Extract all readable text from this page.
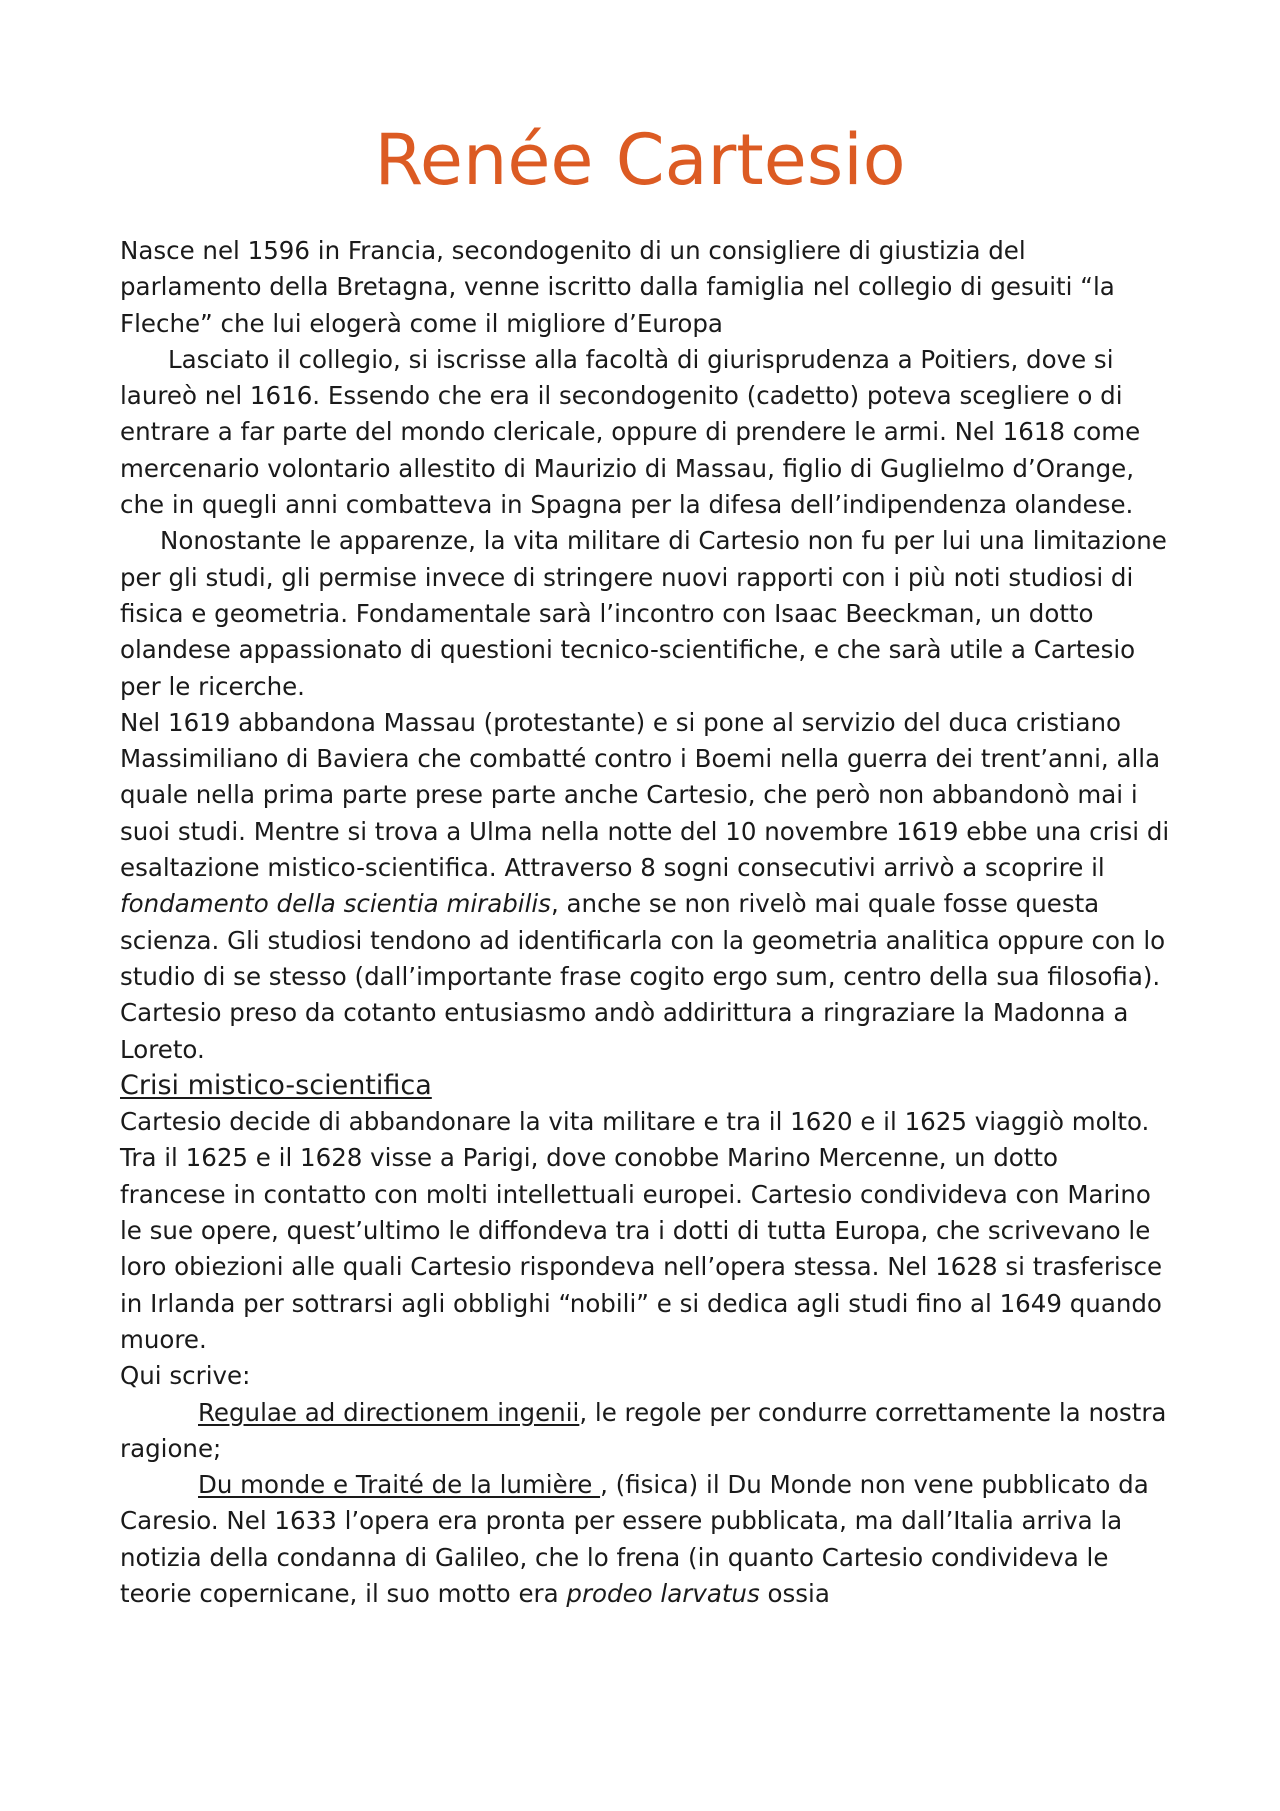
Renée Cartesio

Nasce nel 1596 in Francia, secondogenito di un consigliere di giustizia del parlamento della Bretagna, venne iscritto dalla famiglia nel collegio di gesuiti “la Fleche” che lui elogerà come il migliore d’Europa

Lasciato il collegio, si iscrisse alla facoltà di giurisprudenza a Poitiers, dove si laureò nel 1616. Essendo che era il secondogenito (cadetto) poteva scegliere o di entrare a far parte del mondo clericale, oppure di prendere le armi. Nel 1618 come mercenario volontario allestito di Maurizio di Massau, figlio di Guglielmo d’Orange, che in quegli anni combatteva in Spagna per la difesa dell’indipendenza olandese.

Nonostante le apparenze, la vita militare di Cartesio non fu per lui una limitazione per gli studi, gli permise invece di stringere nuovi rapporti con i più noti studiosi di fisica e geometria. Fondamentale sarà l’incontro con Isaac Beeckman, un dotto olandese appassionato di questioni tecnico-scientifiche, e che sarà utile a Cartesio per le ricerche.

Nel 1619 abbandona Massau (protestante) e si pone al servizio del duca cristiano Massimiliano di Baviera che combatté contro i Boemi nella guerra dei trent’anni, alla quale nella prima parte prese parte anche Cartesio, che però non abbandonò mai i suoi studi. Mentre si trova a Ulma nella notte del 10 novembre 1619 ebbe una crisi di esaltazione mistico-scientifica. Attraverso 8 sogni consecutivi arrivò a scoprire il fondamento della scientia mirabilis, anche se non rivelò mai quale fosse questa scienza. Gli studiosi tendono ad identificarla con la geometria analitica oppure con lo studio di se stesso (dall’importante frase cogito ergo sum, centro della sua filosofia). Cartesio preso da cotanto entusiasmo andò addirittura a ringraziare la Madonna a Loreto.

Crisi mistico-scientifica

Cartesio decide di abbandonare la vita militare e tra il 1620 e il 1625 viaggiò molto. Tra il 1625 e il 1628 visse a Parigi, dove conobbe Marino Mercenne, un dotto francese in contatto con molti intellettuali europei. Cartesio condivideva con Marino le sue opere, quest’ultimo le diffondeva tra i dotti di tutta Europa, che scrivevano le loro obiezioni alle quali Cartesio rispondeva nell’opera stessa. Nel 1628 si trasferisce in Irlanda per sottrarsi agli obblighi “nobili” e si dedica agli studi fino al 1649 quando muore.

Qui scrive:

Regulae ad directionem ingenii, le regole per condurre correttamente la nostra ragione;

Du monde e Traité de la lumière , (fisica) il Du Monde non vene pubblicato da Caresio. Nel 1633 l’opera era pronta per essere pubblicata, ma dall’Italia arriva la notizia della condanna di Galileo, che lo frena (in quanto Cartesio condivideva le teorie copernicane, il suo motto era prodeo larvatus ossia
